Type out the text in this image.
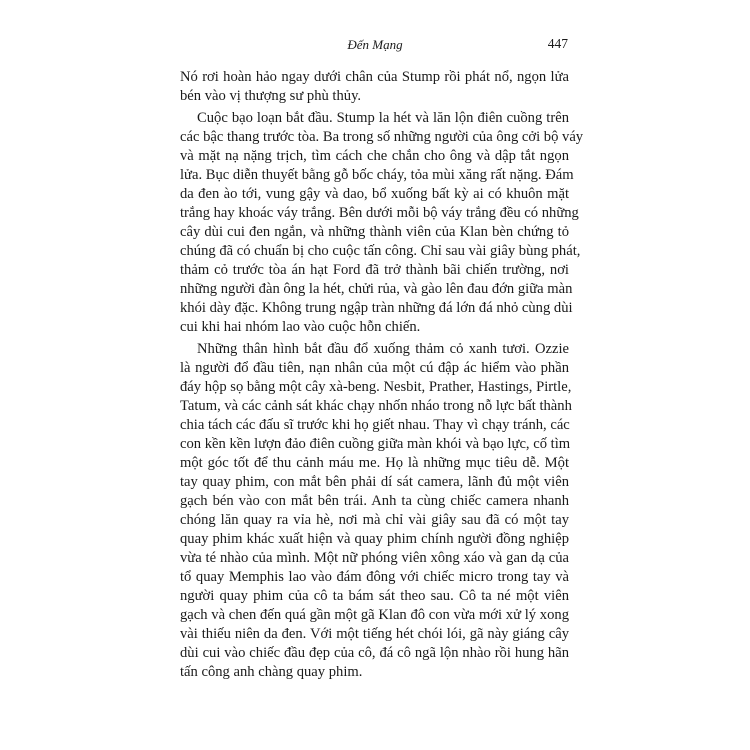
Đến Mạng	447
Nó rơi hoàn hảo ngay dưới chân của Stump rồi phát nổ, ngọn lửa
bén vào vị thượng sư phù thủy.
Cuộc bạo loạn bắt đầu. Stump la hét và lăn lộn điên cuồng trên
các bậc thang trước tòa. Ba trong số những người của ông cởi bộ váy
và mặt nạ nặng trịch, tìm cách che chắn cho ông và dập tắt ngọn
lửa. Bục diễn thuyết bằng gỗ bốc cháy, tỏa mùi xăng rất nặng. Đám
da đen ào tới, vung gậy và dao, bổ xuống bất kỳ ai có khuôn mặt
trắng hay khoác váy trắng. Bên dưới mỗi bộ váy trắng đều có những
cây dùi cui đen ngắn, và những thành viên của Klan bèn chứng tỏ
chúng đã có chuẩn bị cho cuộc tấn công. Chỉ sau vài giây bùng phát,
thảm cỏ trước tòa án hạt Ford đã trở thành bãi chiến trường, nơi
những người đàn ông la hét, chửi rủa, và gào lên đau đớn giữa màn
khói dày đặc. Không trung ngập tràn những đá lớn đá nhỏ cùng dùi
cui khi hai nhóm lao vào cuộc hỗn chiến.
Những thân hình bắt đầu đổ xuống thảm cỏ xanh tươi. Ozzie
là người đổ đầu tiên, nạn nhân của một cú đập ác hiểm vào phần
đáy hộp sọ bằng một cây xà-beng. Nesbit, Prather, Hastings, Pirtle,
Tatum, và các cảnh sát khác chạy nhốn nháo trong nỗ lực bất thành
chia tách các đấu sĩ trước khi họ giết nhau. Thay vì chạy tránh, các
con kền kền lượn đảo điên cuồng giữa màn khói và bạo lực, cố tìm
một góc tốt để thu cảnh máu me. Họ là những mục tiêu dễ. Một
tay quay phim, con mắt bên phải dí sát camera, lãnh đủ một viên
gạch bén vào con mắt bên trái. Anh ta cùng chiếc camera nhanh
chóng lăn quay ra vỉa hè, nơi mà chỉ vài giây sau đã có một tay
quay phim khác xuất hiện và quay phim chính người đồng nghiệp
vừa té nhào của mình. Một nữ phóng viên xông xáo và gan dạ của
tổ quay Memphis lao vào đám đông với chiếc micro trong tay và
người quay phim của cô ta bám sát theo sau. Cô ta né một viên
gạch và chen đến quá gần một gã Klan đô con vừa mới xử lý xong
vài thiếu niên da đen. Với một tiếng hét chói lói, gã này giáng cây
dùi cui vào chiếc đầu đẹp của cô, đá cô ngã lộn nhào rồi hung hãn
tấn công anh chàng quay phim.
